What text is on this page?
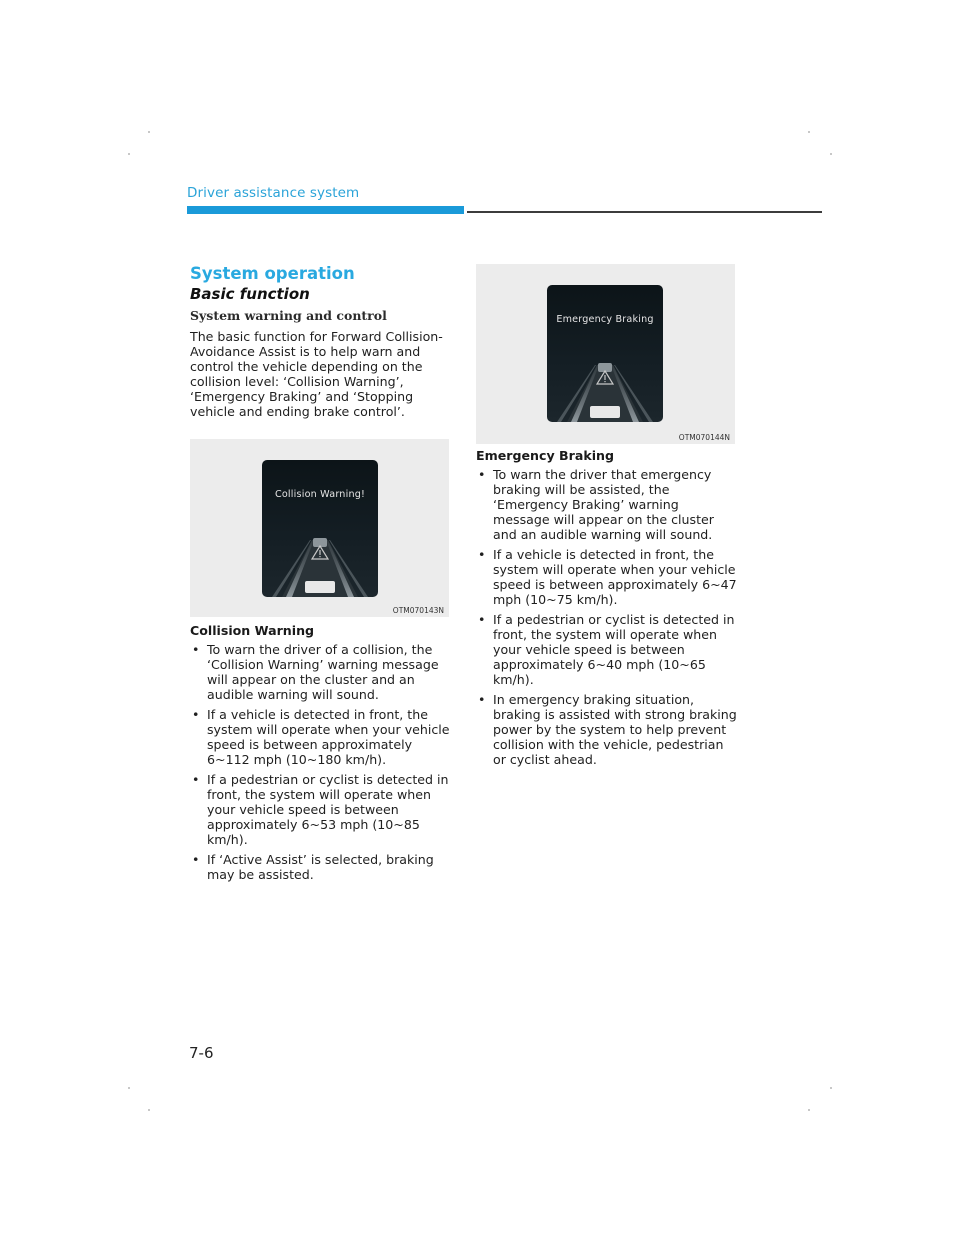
Driver assistance system
System operation
Basic function
System warning and control

The basic function for Forward Collision-Avoidance Assist is to help warn and control the vehicle depending on the collision level: ‘Collision Warning’, ‘Emergency Braking’ and ‘Stopping vehicle and ending brake control’.

Collision Warning!
OTM070143N
Collision Warning
• To warn the driver of a collision, the ‘Collision Warning’ warning message will appear on the cluster and an audible warning will sound.
• If a vehicle is detected in front, the system will operate when your vehicle speed is between approximately 6~112 mph (10~180 km/h).
• If a pedestrian or cyclist is detected in front, the system will operate when your vehicle speed is between approximately 6~53 mph (10~85 km/h).
• If ‘Active Assist’ is selected, braking may be assisted.
Emergency Braking
OTM070144N
Emergency Braking
• To warn the driver that emergency braking will be assisted, the ‘Emergency Braking’ warning message will appear on the cluster and an audible warning will sound.
• If a vehicle is detected in front, the system will operate when your vehicle speed is between approximately 6~47 mph (10~75 km/h).
• If a pedestrian or cyclist is detected in front, the system will operate when your vehicle speed is between approximately 6~40 mph (10~65 km/h).
• In emergency braking situation, braking is assisted with strong braking power by the system to help prevent collision with the vehicle, pedestrian or cyclist ahead.
7-6
